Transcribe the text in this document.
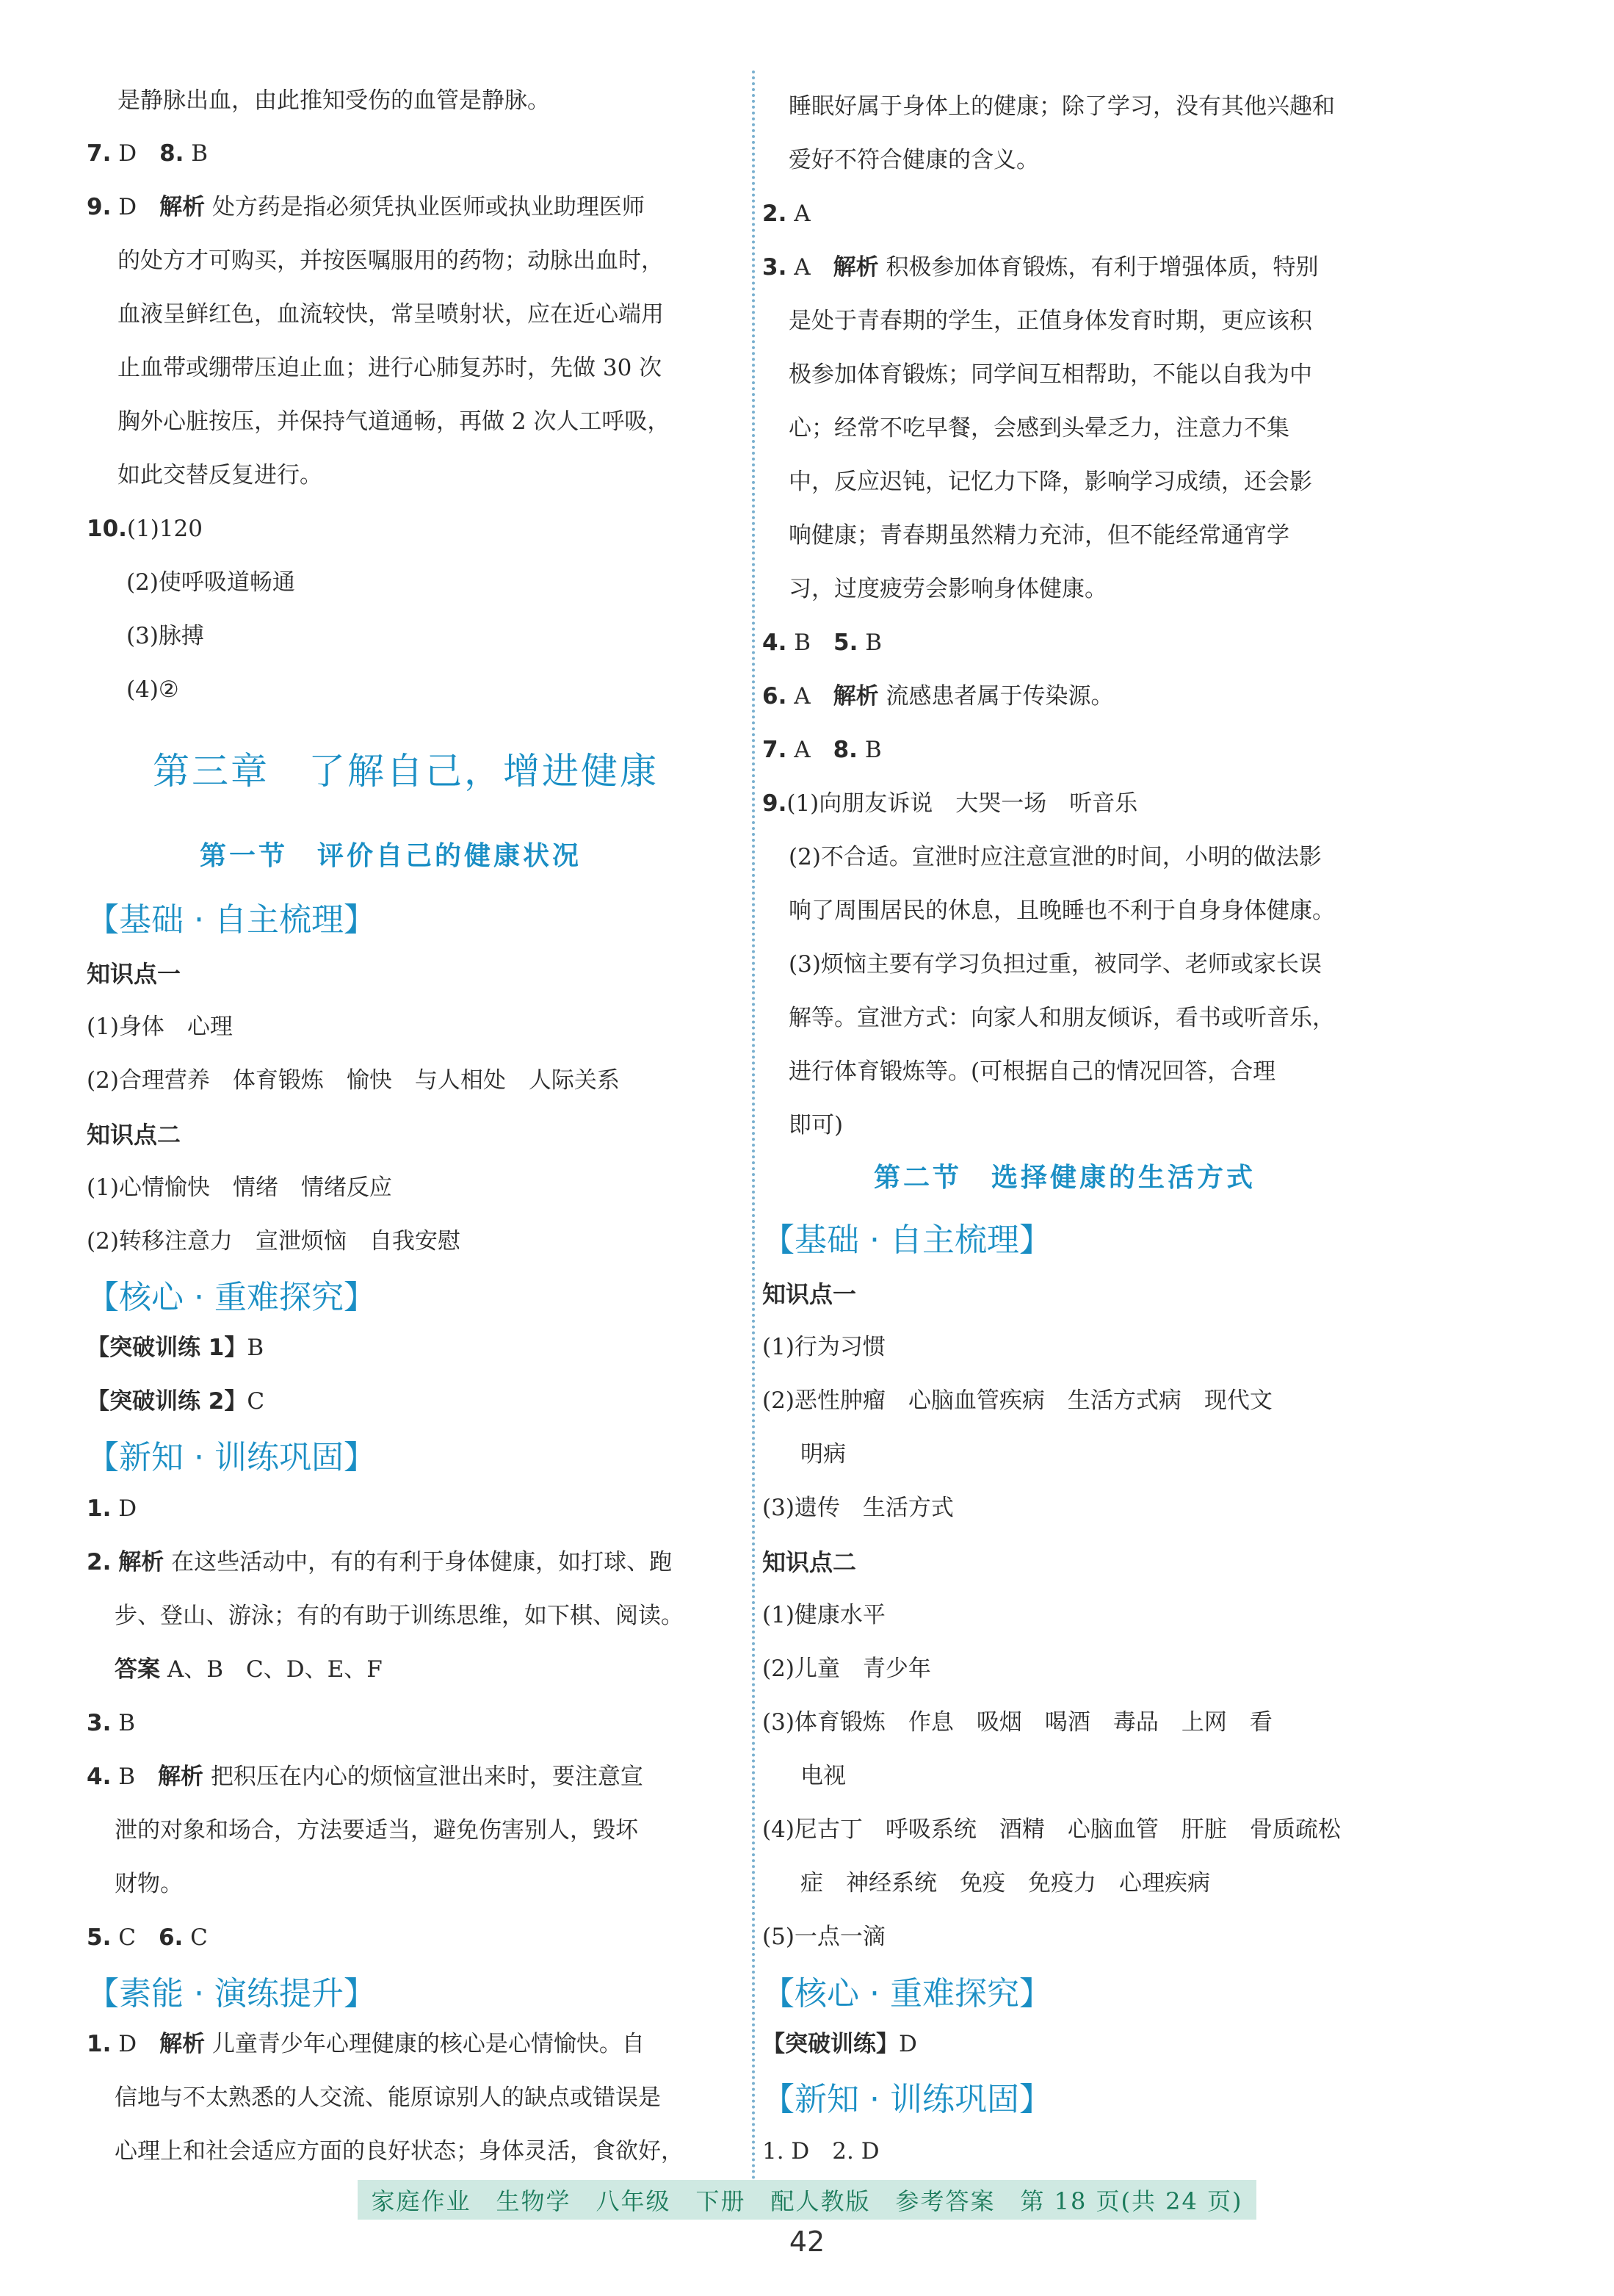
是静脉出血，由此推知受伤的血管是静脉。
7. D　 8. B
9. D　 解析 处方药是指必须凭执业医师或执业助理医师
的处方才可购买，并按医嘱服用的药物；动脉出血时，
血液呈鲜红色，血流较快，常呈喷射状，应在近心端用
止血带或绷带压迫止血；进行心肺复苏时，先做 30 次
胸外心脏按压，并保持气道通畅，再做 2 次人工呼吸，
如此交替反复进行。
10.(1)120
(2)使呼吸道畅通
(3)脉搏
(4)②
第三章　了解自己，增进健康
第一节　评价自己的健康状况
【基础 · 自主梳理】
知识点一
(1)身体　心理
(2)合理营养　体育锻炼　愉快　与人相处　人际关系
知识点二
(1)心情愉快　情绪　情绪反应
(2)转移注意力　宣泄烦恼　自我安慰
【核心 · 重难探究】
【突破训练 1】B
【突破训练 2】C
【新知 · 训练巩固】
1. D
2. 解析 在这些活动中，有的有利于身体健康，如打球、跑
步、登山、游泳；有的有助于训练思维，如下棋、阅读。
答案 A、B　C、D、E、F
3. B
4. B　 解析 把积压在内心的烦恼宣泄出来时，要注意宣
泄的对象和场合，方法要适当，避免伤害别人，毁坏
财物。
5. C　 6. C
【素能 · 演练提升】
1. D　 解析 儿童青少年心理健康的核心是心情愉快。自
信地与不太熟悉的人交流、能原谅别人的缺点或错误是
心理上和社会适应方面的良好状态；身体灵活，食欲好，
睡眠好属于身体上的健康；除了学习，没有其他兴趣和
爱好不符合健康的含义。
2. A
3. A　 解析 积极参加体育锻炼，有利于增强体质，特别
是处于青春期的学生，正值身体发育时期，更应该积
极参加体育锻炼；同学间互相帮助，不能以自我为中
心；经常不吃早餐，会感到头晕乏力，注意力不集
中，反应迟钝，记忆力下降，影响学习成绩，还会影
响健康；青春期虽然精力充沛，但不能经常通宵学
习，过度疲劳会影响身体健康。
4. B　 5. B
6. A　 解析 流感患者属于传染源。
7. A　 8. B
9.(1)向朋友诉说　大哭一场　听音乐
(2)不合适。宣泄时应注意宣泄的时间，小明的做法影
响了周围居民的休息，且晚睡也不利于自身身体健康。
(3)烦恼主要有学习负担过重，被同学、老师或家长误
解等。宣泄方式：向家人和朋友倾诉，看书或听音乐，
进行体育锻炼等。(可根据自己的情况回答，合理
即可)
第二节　选择健康的生活方式
【基础 · 自主梳理】
知识点一
(1)行为习惯
(2)恶性肿瘤　心脑血管疾病　生活方式病　现代文
明病
(3)遗传　生活方式
知识点二
(1)健康水平
(2)儿童　青少年
(3)体育锻炼　作息　吸烟　喝酒　毒品　上网　看
电视
(4)尼古丁　呼吸系统　酒精　心脑血管　肝脏　骨质疏松
症　神经系统　免疫　免疫力　心理疾病
(5)一点一滴
【核心 · 重难探究】
【突破训练】D
【新知 · 训练巩固】
1. D　2. D
家庭作业　生物学　八年级　下册　配人教版　参考答案　第 18 页(共 24 页)
42
